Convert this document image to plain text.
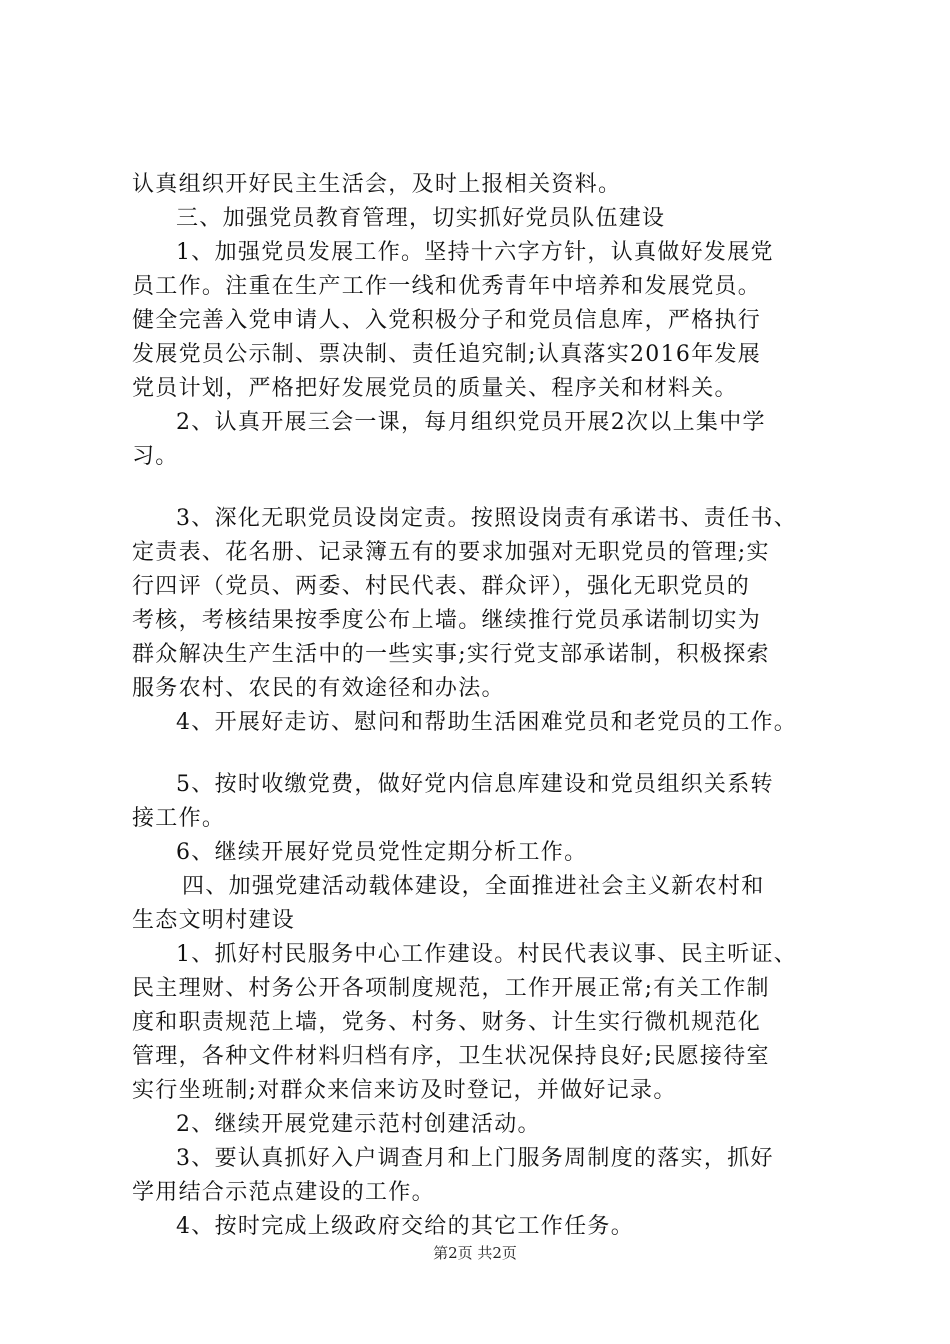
认真组织开好民主生活会，及时上报相关资料。
三、加强党员教育管理，切实抓好党员队伍建设
1、加强党员发展工作。坚持十六字方针，认真做好发展党
员工作。注重在生产工作一线和优秀青年中培养和发展党员。
健全完善入党申请人、入党积极分子和党员信息库，严格执行
发展党员公示制、票决制、责任追究制;认真落实2016年发展
党员计划，严格把好发展党员的质量关、程序关和材料关。
2、认真开展三会一课，每月组织党员开展2次以上集中学
习。
3、深化无职党员设岗定责。按照设岗责有承诺书、责任书、
定责表、花名册、记录簿五有的要求加强对无职党员的管理;实
行四评（党员、两委、村民代表、群众评），强化无职党员的
考核，考核结果按季度公布上墙。继续推行党员承诺制切实为
群众解决生产生活中的一些实事;实行党支部承诺制，积极探索
服务农村、农民的有效途径和办法。
4、开展好走访、慰问和帮助生活困难党员和老党员的工作。
5、按时收缴党费，做好党内信息库建设和党员组织关系转
接工作。
6、继续开展好党员党性定期分析工作。
四、加强党建活动载体建设，全面推进社会主义新农村和
生态文明村建设
1、抓好村民服务中心工作建设。村民代表议事、民主听证、
民主理财、村务公开各项制度规范，工作开展正常;有关工作制
度和职责规范上墙，党务、村务、财务、计生实行微机规范化
管理，各种文件材料归档有序，卫生状况保持良好;民愿接待室
实行坐班制;对群众来信来访及时登记，并做好记录。
2、继续开展党建示范村创建活动。
3、要认真抓好入户调查月和上门服务周制度的落实，抓好
学用结合示范点建设的工作。
4、按时完成上级政府交给的其它工作任务。
第2页 共2页
